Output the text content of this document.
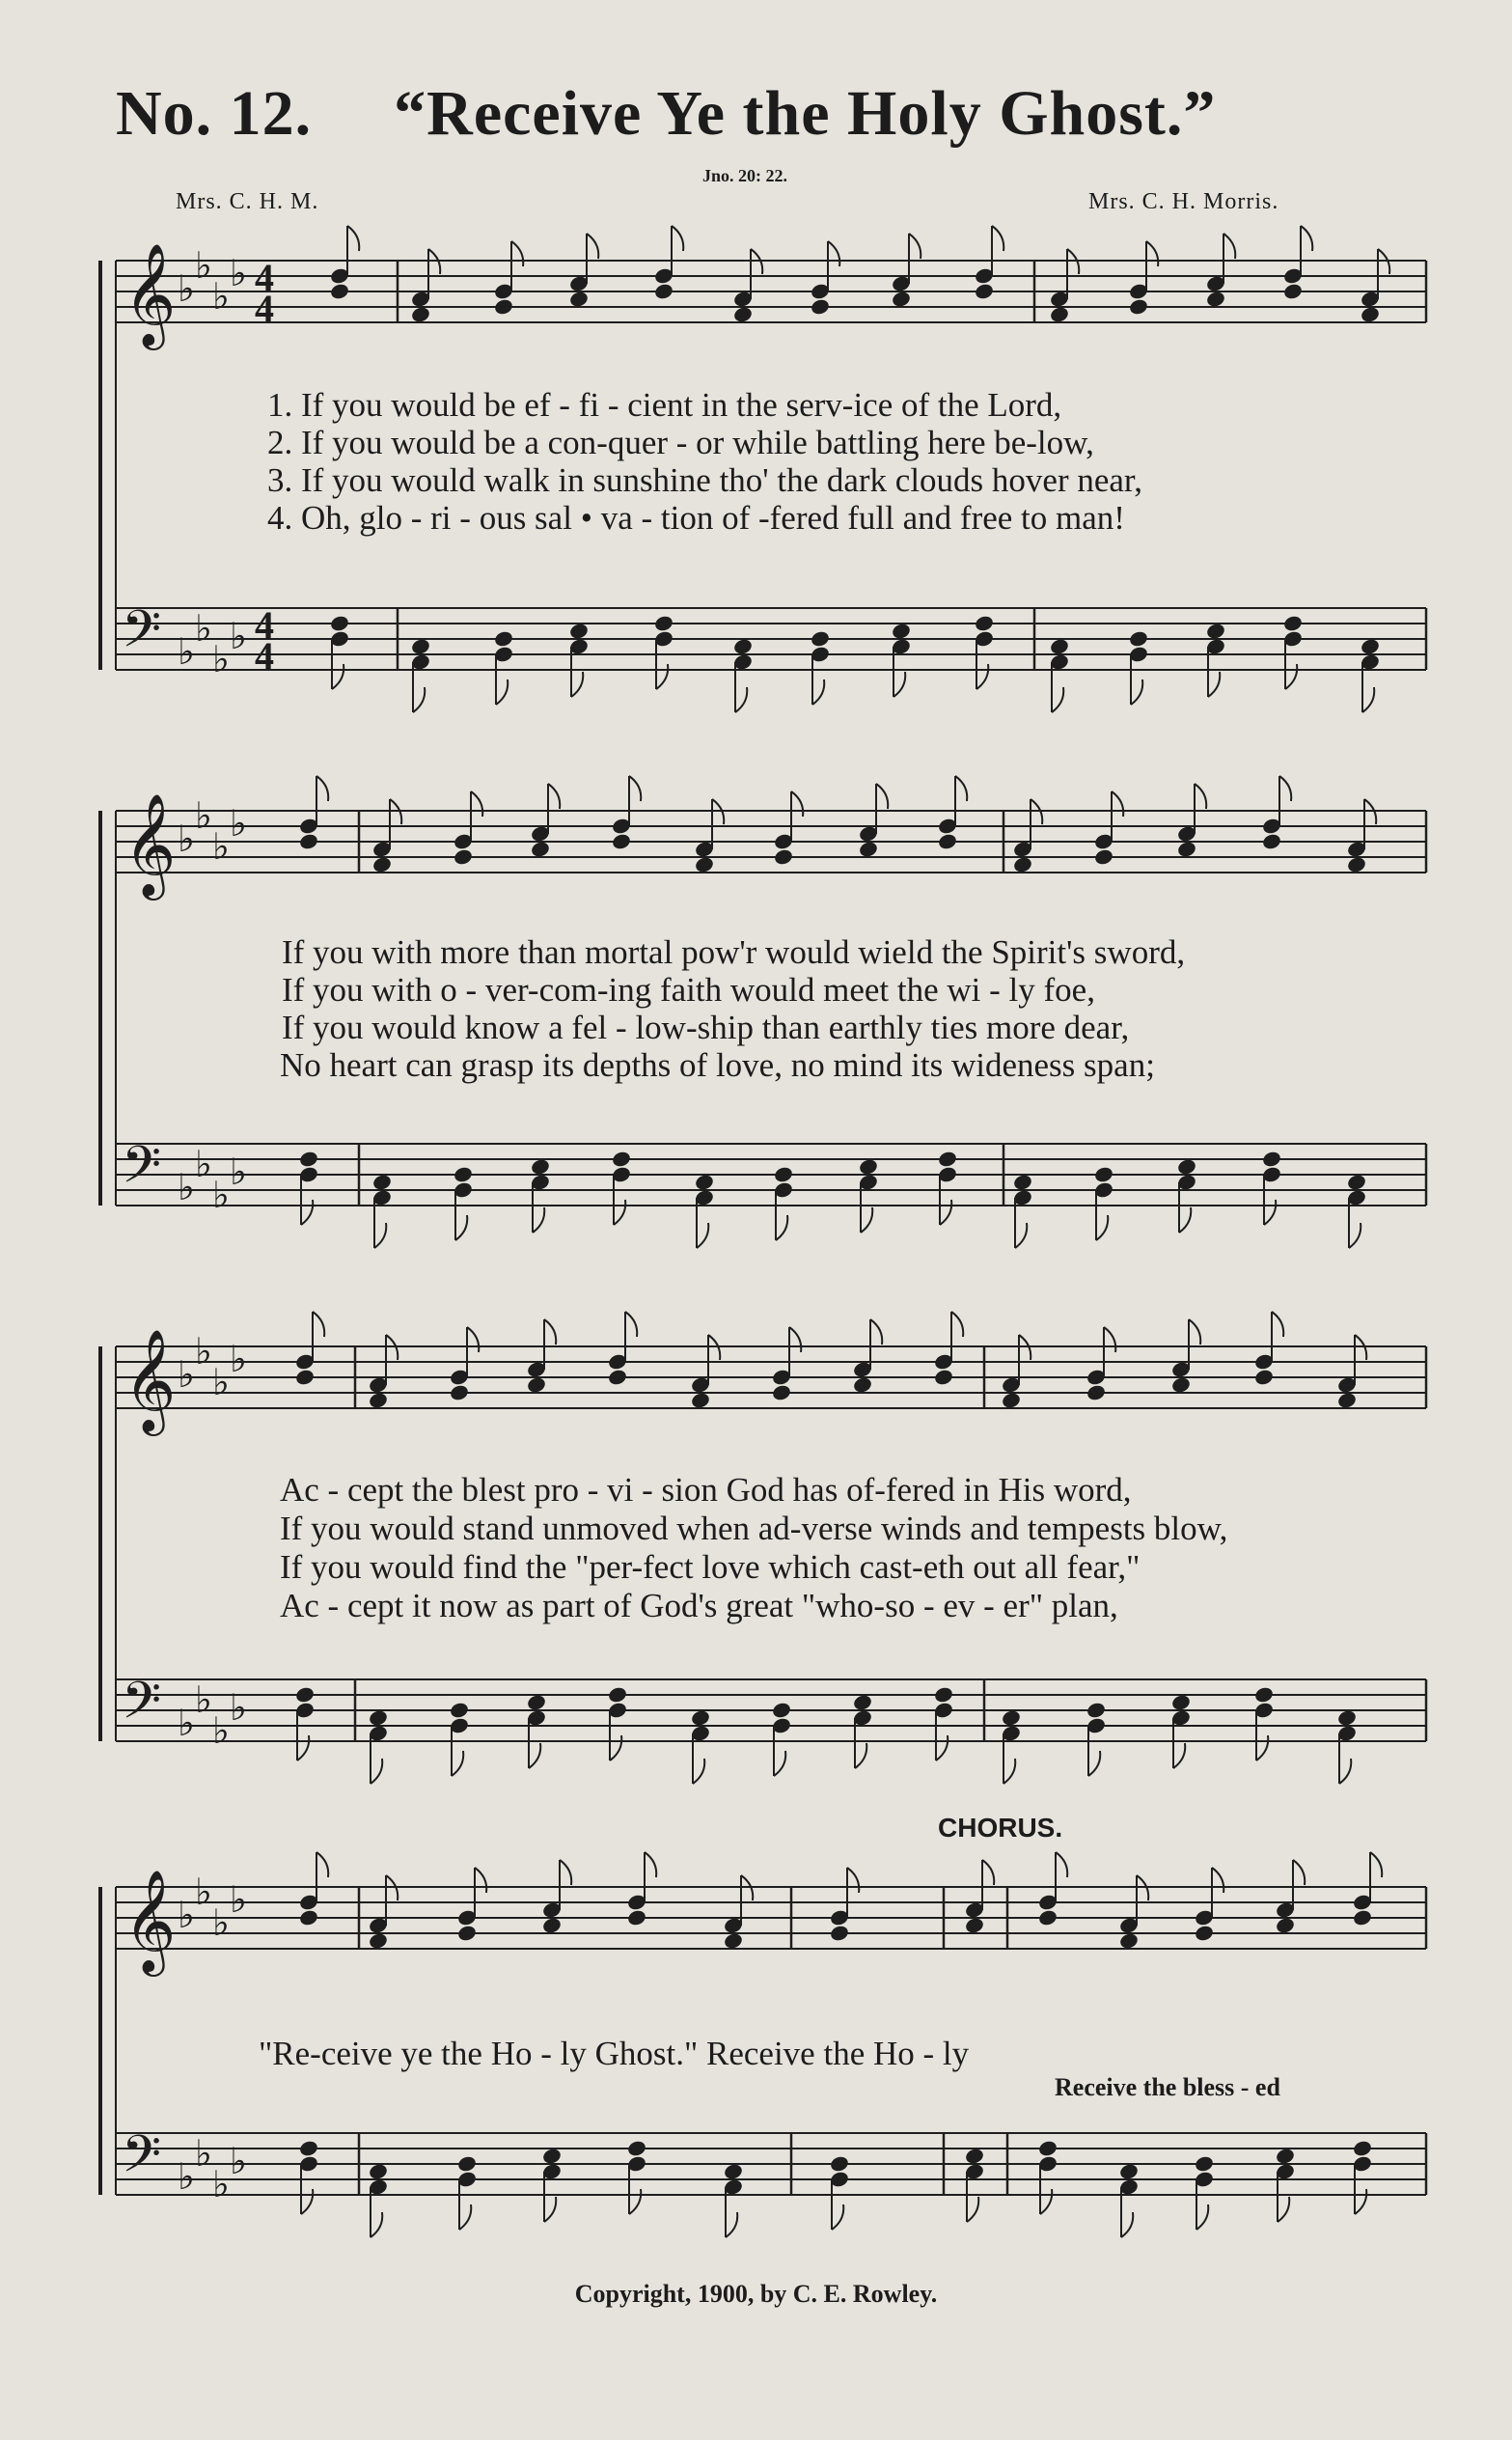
No. 12. “Receive Ye the Holy Ghost.”
Jno. 20: 22.
Mrs. C. H. M.	Mrs. C. H. Morris.
𝄞 ♭
♭
♭
♭ 4
4
𝄢 ♭
♭
♭
♭ 4
4
𝄞 ♭
♭
♭
♭
𝄢 ♭
♭
♭
♭
𝄞 ♭
♭
♭
♭
𝄢 ♭
♭
♭
♭
𝄞 ♭
♭
♭
♭
𝄢 ♭
♭
♭
♭
1. If you would be ef - fi - cient in the serv-ice of the Lord,
2. If you would be a con-quer - or while battling here be-low,
3. If you would walk in sunshine tho' the dark clouds hover near,
4. Oh, glo - ri - ous sal • va - tion of -fered full and free to man!
If you with more than mortal pow'r would wield the Spirit's sword,
If you with o - ver-com-ing faith would meet the wi - ly foe,
If you would know a fel - low-ship than earthly ties more dear,
No heart can grasp its depths of love, no mind its wideness span;
Ac - cept the blest pro - vi - sion God has of-fered in His word,
If you would stand unmoved when ad-verse winds and tempests blow,
If you would find the "per-fect love which cast-eth out all fear,"
Ac - cept it now as part of God's great "who-so - ev - er" plan,
CHORUS.
"Re-ceive ye the Ho - ly Ghost." Receive the Ho - ly
Receive the bless - ed
Copyright, 1900, by C. E. Rowley.
